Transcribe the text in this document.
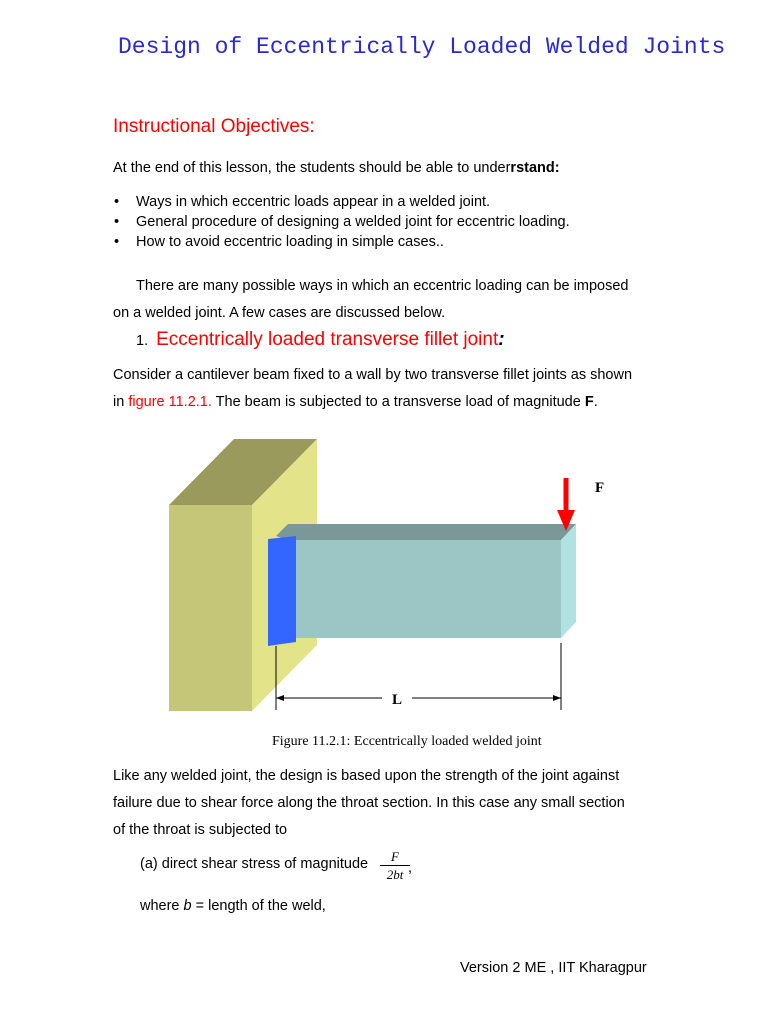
Design of Eccentrically Loaded Welded Joints
Instructional Objectives:
At the end of this lesson, the students should be able to underrstand:
• Ways in which eccentric loads appear in a welded joint.
• General procedure of designing a welded joint for eccentric loading.
• How to avoid eccentric loading in simple cases..
There are many possible ways in which an eccentric loading can be imposed
on a welded joint. A few cases are discussed below.
1. Eccentrically loaded transverse fillet joint:
Consider a cantilever beam fixed to a wall by two transverse fillet joints as shown
in figure 11.2.1. The beam is subjected to a transverse load of magnitude F.
L
F
Figure 11.2.1: Eccentrically loaded welded joint
Like any welded joint, the design is based upon the strength of the joint against
failure due to shear force along the throat section. In this case any small section
of the throat is subjected to
(a) direct shear stress of magnitude	F
2bt ,
where b = length of the weld,
Version 2 ME , IIT Kharagpur
